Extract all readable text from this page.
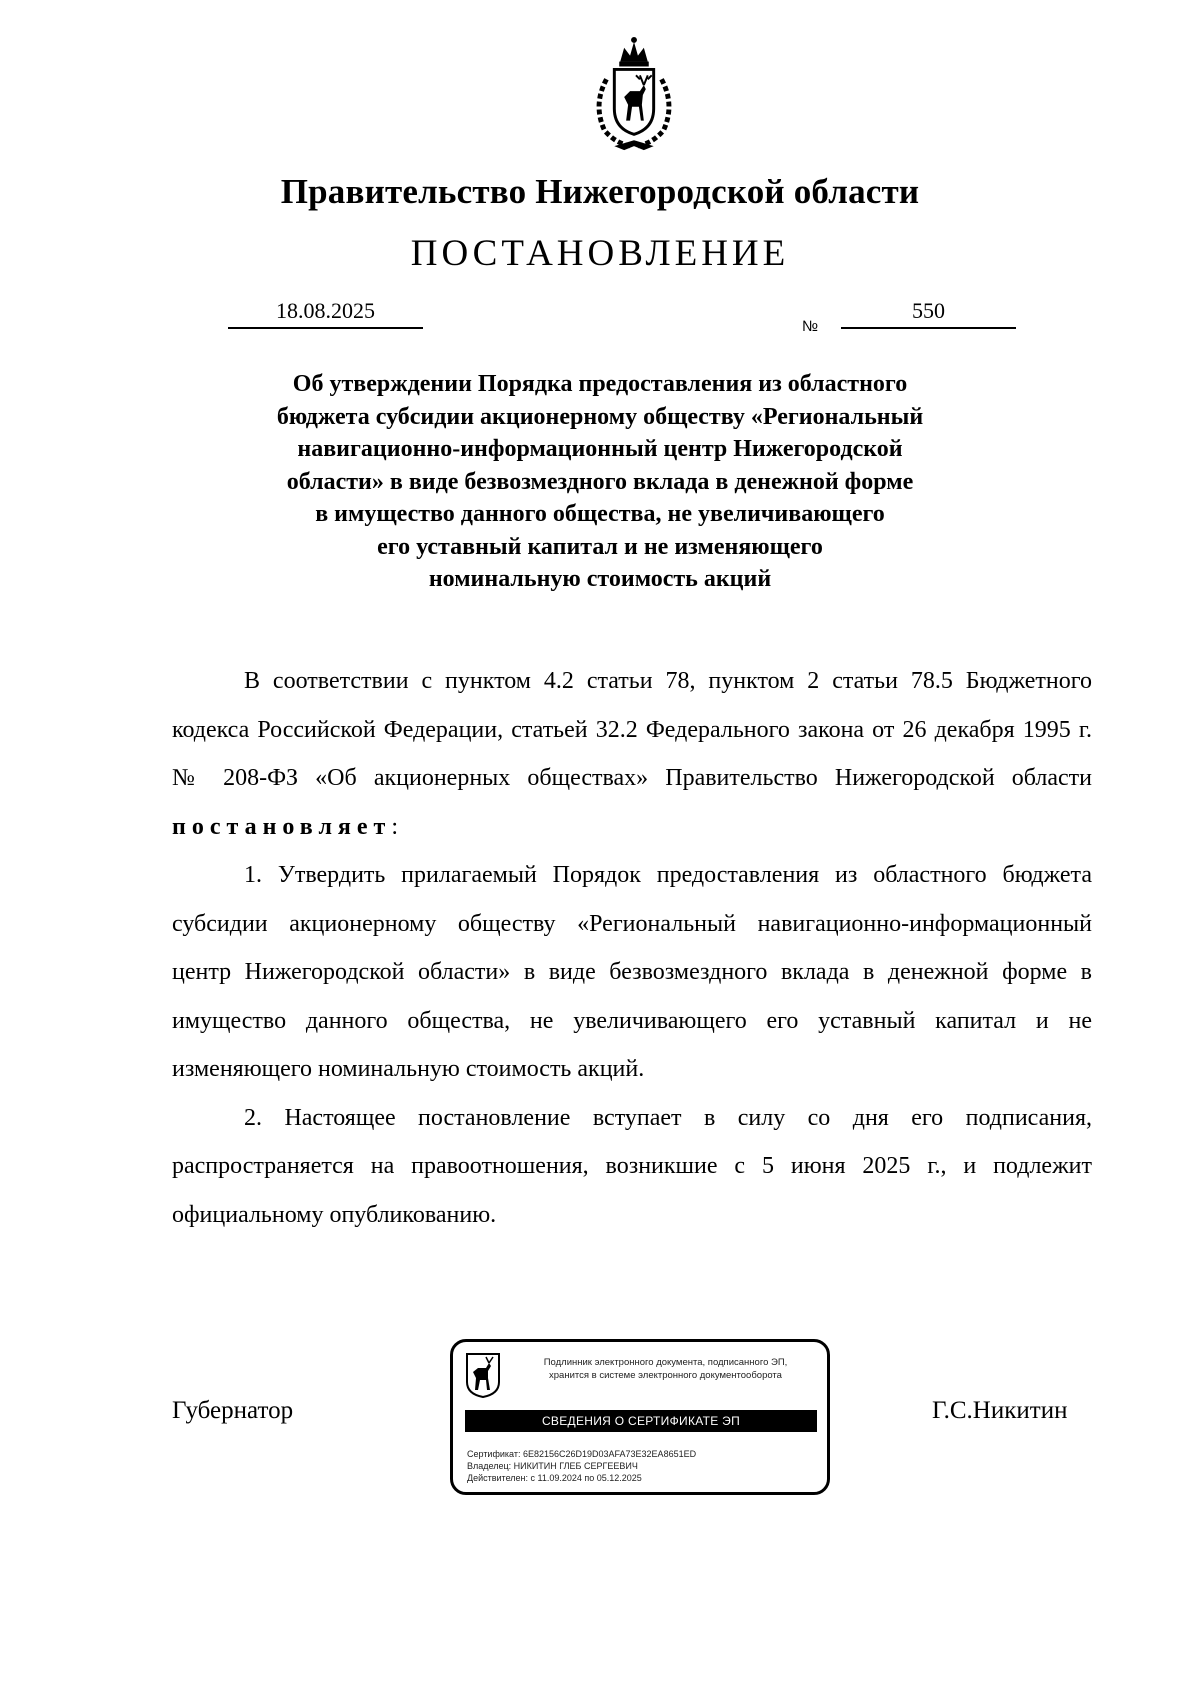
Правительство Нижегородской области
ПОСТАНОВЛЕНИЕ
18.08.2025
№
550
Об утверждении Порядка предоставления из областного
бюджета субсидии акционерному обществу «Региональный
навигационно-информационный центр Нижегородской
области» в виде безвозмездного вклада в денежной форме
в имущество данного общества, не увеличивающего
его уставный капитал и не изменяющего
номинальную стоимость акций

В соответствии с пунктом 4.2 статьи 78, пунктом 2 статьи 78.5 Бюджетного кодекса Российской Федерации, статьей 32.2 Федерального закона от 26 декабря 1995 г. № 208-ФЗ «Об акционерных обществах» Правительство Нижегородской области постановляет:

1. Утвердить прилагаемый Порядок предоставления из областного бюджета субсидии акционерному обществу «Региональный навигационно-информационный центр Нижегородской области» в виде безвозмездного вклада в денежной форме в имущество данного общества, не увеличивающего его уставный капитал и не изменяющего номинальную стоимость акций.

2. Настоящее постановление вступает в силу со дня его подписания, распространяется на правоотношения, возникшие с 5 июня 2025 г., и подлежит официальному опубликованию.

Губернатор
Подлинник электронного документа, подписанного ЭП,
хранится в системе электронного документооборота
СВЕДЕНИЯ О СЕРТИФИКАТЕ ЭП
Сертификат: 6E82156C26D19D03AFA73E32EA8651ED
Владелец: НИКИТИН ГЛЕБ СЕРГЕЕВИЧ
Действителен: с 11.09.2024 по 05.12.2025
Г.С.Никитин
